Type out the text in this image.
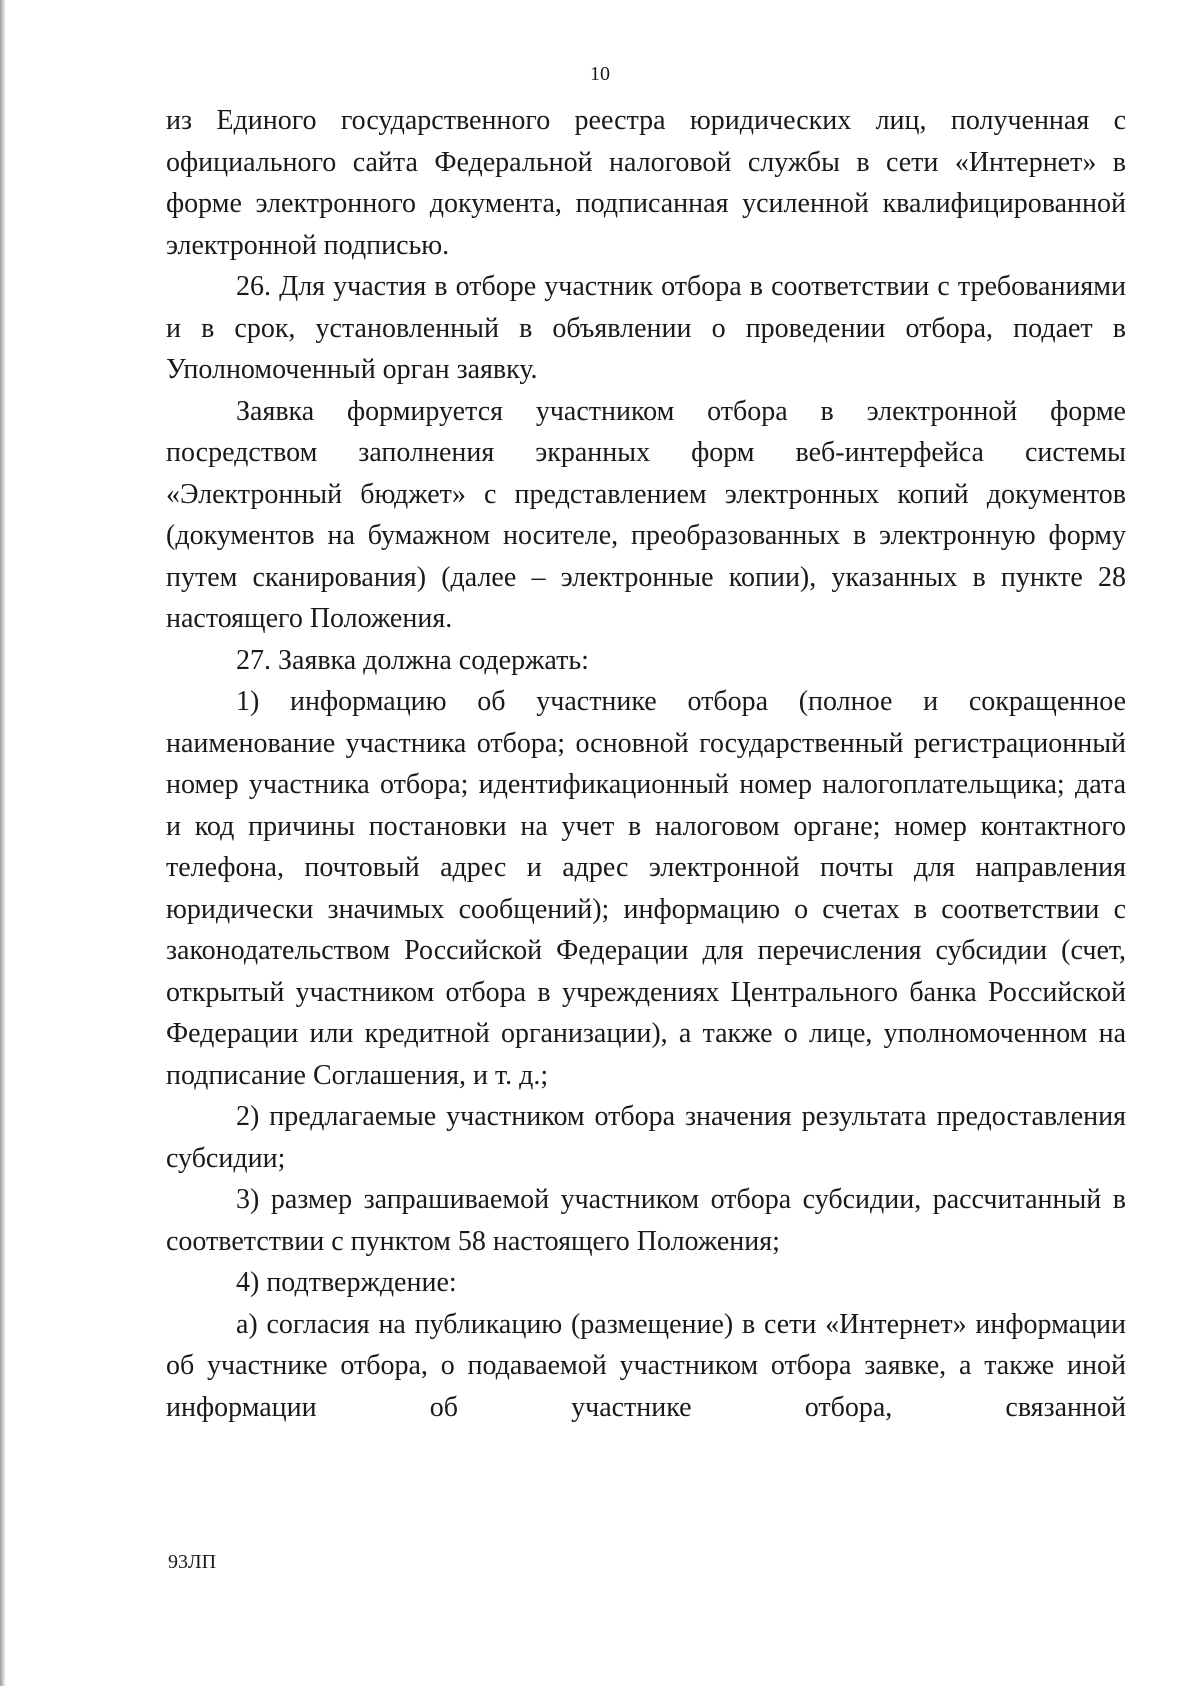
10

из Единого государственного реестра юридических лиц, полученная с официального сайта Федеральной налоговой службы в сети «Интернет» в форме электронного документа, подписанная усиленной квалифицированной электронной подписью.

26. Для участия в отборе участник отбора в соответствии с требованиями и в срок, установленный в объявлении о проведении отбора, подает в Уполномоченный орган заявку.

Заявка формируется участником отбора в электронной форме посредством заполнения экранных форм веб-интерфейса системы «Электронный бюджет» с представлением электронных копий документов (документов на бумажном носителе, преобразованных в электронную форму путем сканирования) (далее – электронные копии), указанных в пункте 28 настоящего Положения.

27. Заявка должна содержать:

1) информацию об участнике отбора (полное и сокращенное наименование участника отбора; основной государственный регистрационный номер участника отбора; идентификационный номер налогоплательщика; дата и код причины постановки на учет в налоговом органе; номер контактного телефона, почтовый адрес и адрес электронной почты для направления юридически значимых сообщений); информацию о счетах в соответствии с законодательством Российской Федерации для перечисления субсидии (счет, открытый участником отбора в учреждениях Центрального банка Российской Федерации или кредитной организации), а также о лице, уполномоченном на подписание Соглашения, и т. д.;

2) предлагаемые участником отбора значения результата предоставления субсидии;

3) размер запрашиваемой участником отбора субсидии, рассчитанный в соответствии с пунктом 58 настоящего Положения;

4) подтверждение:

а) согласия на публикацию (размещение) в сети «Интернет» информации об участнике отбора, о подаваемой участником отбора заявке, а также иной информации об участнике отбора, связанной

93ЛП
